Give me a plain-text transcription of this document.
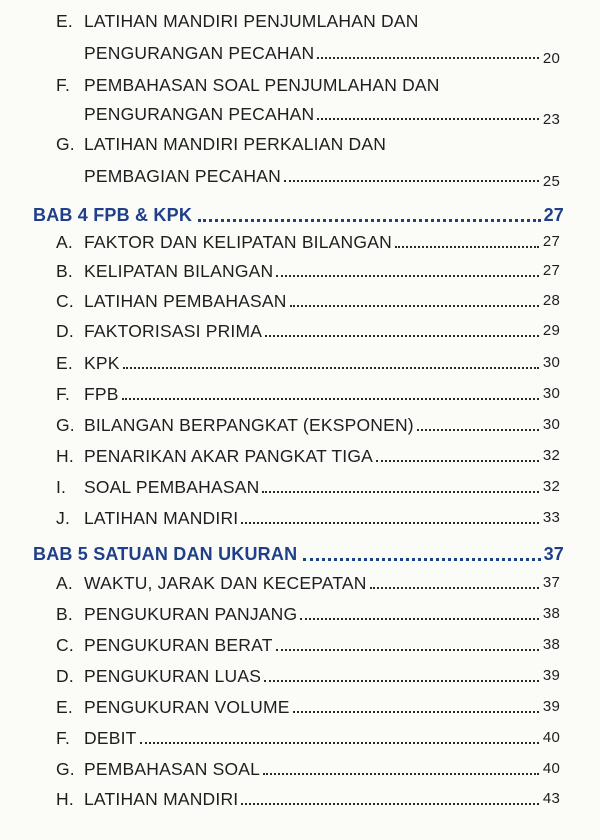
E. LATIHAN MANDIRI PENJUMLAHAN DAN
PENGURANGAN PECAHAN	20
F. PEMBAHASAN SOAL PENJUMLAHAN DAN
PENGURANGAN PECAHAN	23
G. LATIHAN MANDIRI PERKALIAN DAN
PEMBAGIAN PECAHAN	25
BAB 4 FPB & KPK	27
A. FAKTOR DAN KELIPATAN BILANGAN	27
B. KELIPATAN BILANGAN	27
C. LATIHAN PEMBAHASAN	28
D. FAKTORISASI PRIMA	29
E. KPK	30
F. FPB	30
G. BILANGAN BERPANGKAT (EKSPONEN)	30
H. PENARIKAN AKAR PANGKAT TIGA	32
I.	SOAL PEMBAHASAN	32
J. LATIHAN MANDIRI	33
BAB 5 SATUAN DAN UKURAN	37
A. WAKTU, JARAK DAN KECEPATAN	37
B. PENGUKURAN PANJANG	38
C. PENGUKURAN BERAT	38
D. PENGUKURAN LUAS	39
E. PENGUKURAN VOLUME	39
F. DEBIT	40
G. PEMBAHASAN SOAL	40
H. LATIHAN MANDIRI	43
